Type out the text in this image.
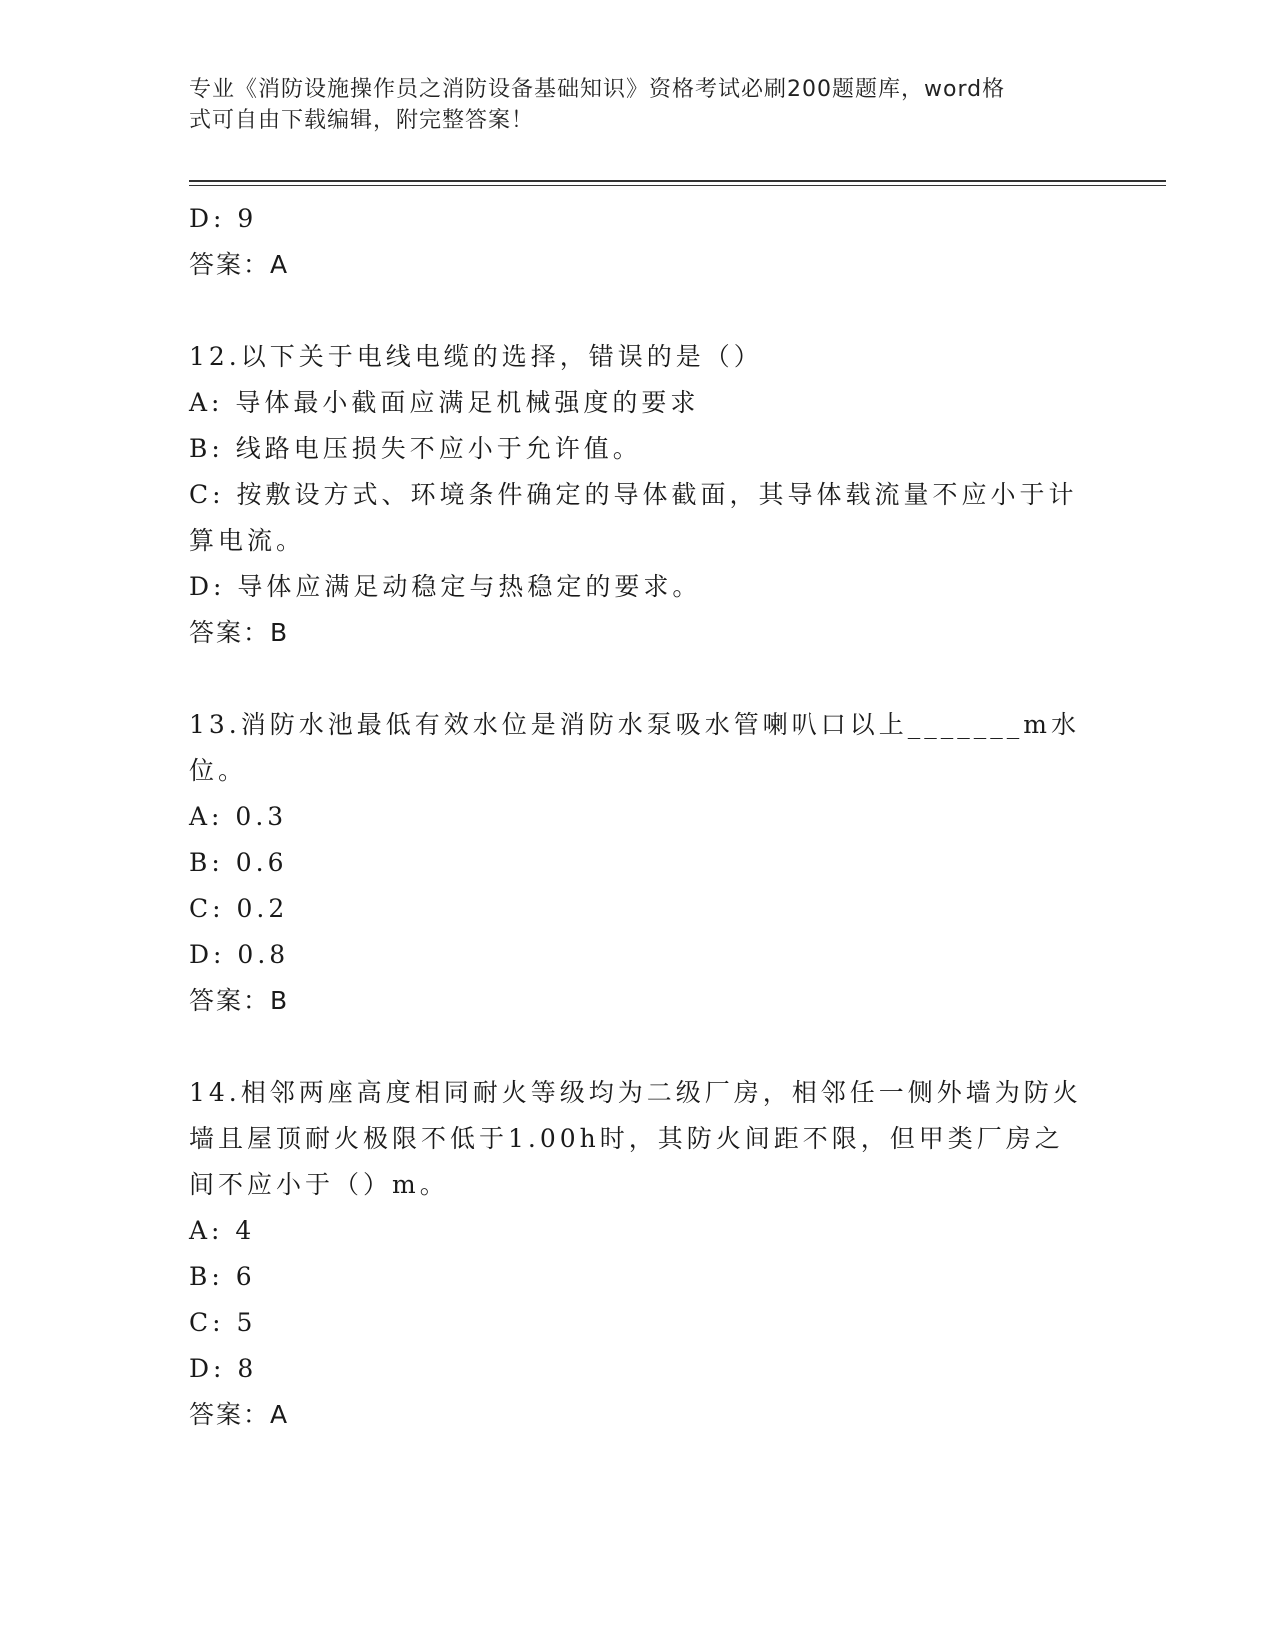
专业《消防设施操作员之消防设备基础知识》资格考试必刷200题题库，word格
式可自由下载编辑，附完整答案！
D: 9
答案：A
12.以下关于电线电缆的选择，错误的是（）
A: 导体最小截面应满足机械强度的要求
B: 线路电压损失不应小于允许值。
C: 按敷设方式、环境条件确定的导体截面，其导体载流量不应小于计算电流。
D: 导体应满足动稳定与热稳定的要求。
答案：B
13.消防水池最低有效水位是消防水泵吸水管喇叭口以上_______m水位。
A: 0.3
B: 0.6
C: 0.2
D: 0.8
答案：B
14.相邻两座高度相同耐火等级均为二级厂房，相邻任一侧外墙为防火墙且屋顶耐火极限不低于1.00h时，其防火间距不限，但甲类厂房之间不应小于（）m。
A: 4
B: 6
C: 5
D: 8
答案：A
